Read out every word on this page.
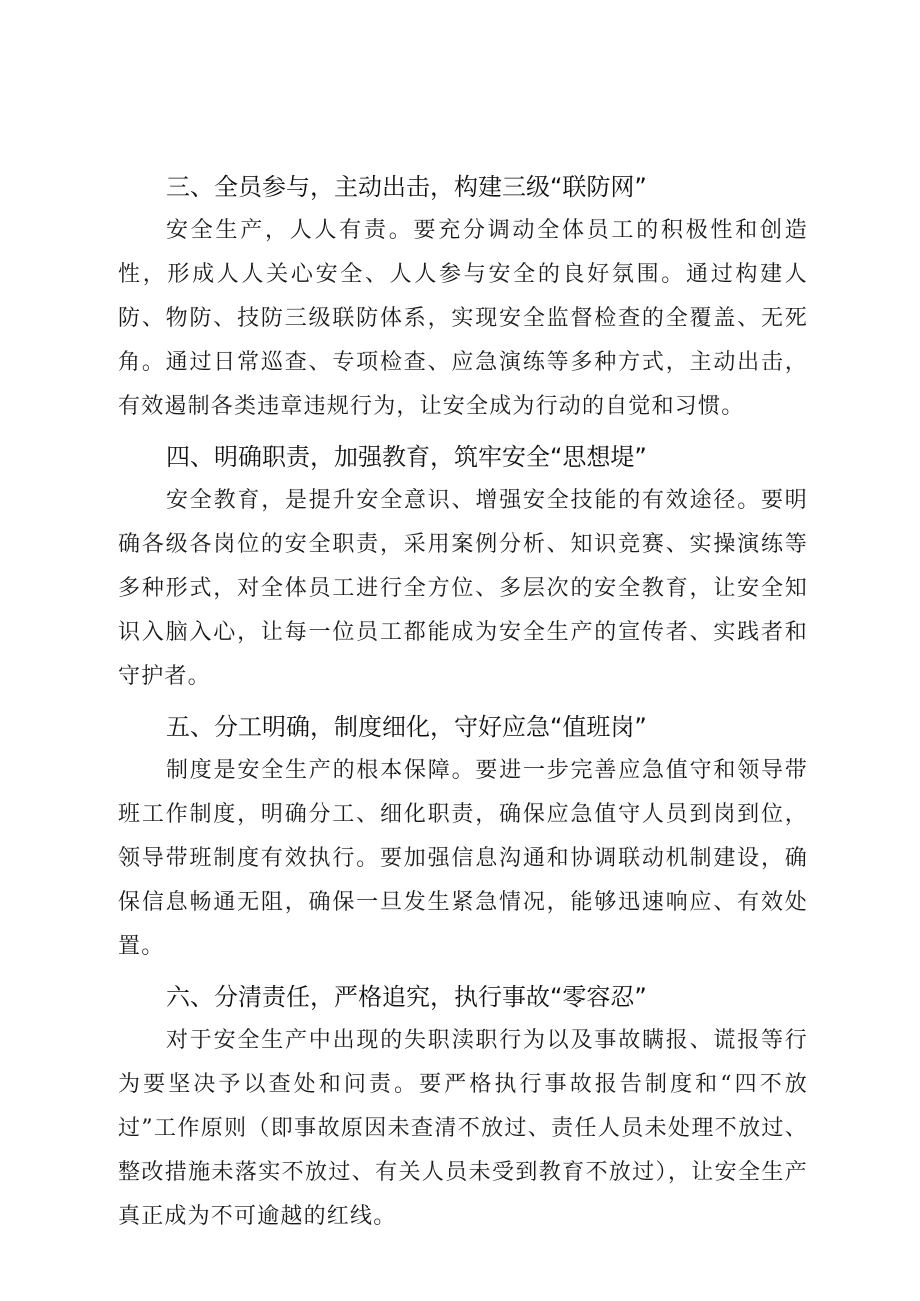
三、全员参与，主动出击，构建三级“联防网”

安全生产，人人有责。要充分调动全体员工的积极性和创造性，形成人人关心安全、人人参与安全的良好氛围。通过构建人防、物防、技防三级联防体系，实现安全监督检查的全覆盖、无死角。通过日常巡查、专项检查、应急演练等多种方式，主动出击，有效遏制各类违章违规行为，让安全成为行动的自觉和习惯。

四、明确职责，加强教育，筑牢安全“思想堤”

安全教育，是提升安全意识、增强安全技能的有效途径。要明确各级各岗位的安全职责，采用案例分析、知识竞赛、实操演练等多种形式，对全体员工进行全方位、多层次的安全教育，让安全知识入脑入心，让每一位员工都能成为安全生产的宣传者、实践者和守护者。

五、分工明确，制度细化，守好应急“值班岗”

制度是安全生产的根本保障。要进一步完善应急值守和领导带班工作制度，明确分工、细化职责，确保应急值守人员到岗到位，领导带班制度有效执行。要加强信息沟通和协调联动机制建设，确保信息畅通无阻，确保一旦发生紧急情况，能够迅速响应、有效处置。

六、分清责任，严格追究，执行事故“零容忍”

对于安全生产中出现的失职渎职行为以及事故瞒报、谎报等行为要坚决予以查处和问责。要严格执行事故报告制度和“四不放过”工作原则（即事故原因未查清不放过、责任人员未处理不放过、整改措施未落实不放过、有关人员未受到教育不放过），让安全生产真正成为不可逾越的红线。
